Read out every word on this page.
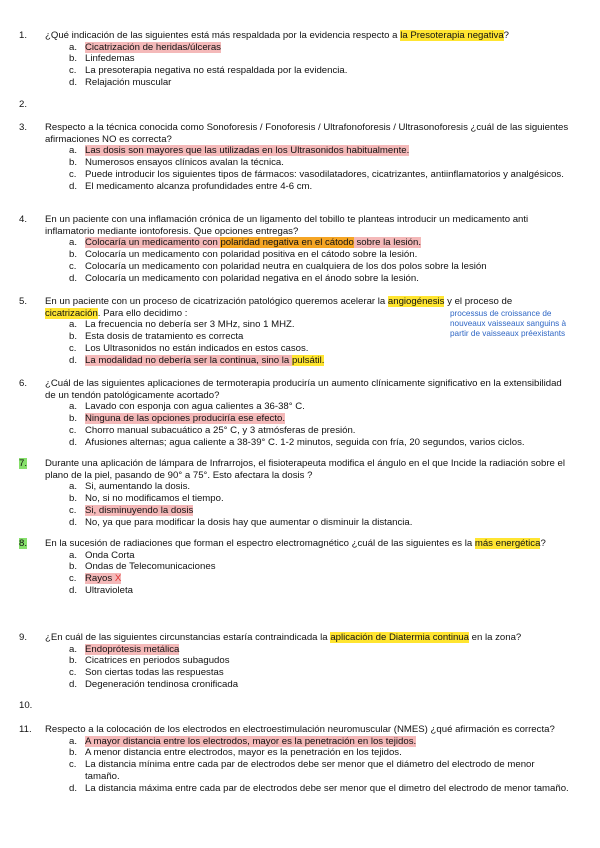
1.	¿Qué indicación de las siguientes está más respaldada por la evidencia respecto a la Presoterapia negativa?
a. Cicatrización de heridas/úlceras
b. Linfedemas
c. La presoterapia negativa no está respaldada por la evidencia.
d. Relajación muscular
2.
3.	Respecto a la técnica conocida como Sonoforesis / Fonoforesis / Ultrafonoforesis / Ultrasonoforesis ¿cuál de las siguientes afirmaciones NO es correcta?
a. Las dosis son mayores que las utilizadas en los Ultrasonidos habitualmente.
b. Numerosos ensayos clínicos avalan la técnica.
c. Puede introducir los siguientes tipos de fármacos: vasodilatadores, cicatrizantes, antiinflamatorios y analgésicos.
d. El medicamento alcanza profundidades entre 4-6 cm.
4.	En un paciente con una inflamación crónica de un ligamento del tobillo te planteas introducir un medicamento anti inflamatorio mediante iontoforesis. Que opciones entregas?
a. Colocaría un medicamento con polaridad negativa en el cátodo sobre la lesión.
b. Colocaría un medicamento con polaridad positiva en el cátodo sobre la lesión.
c. Colocaría un medicamento con polaridad neutra en cualquiera de los dos polos sobre la lesión
d. Colocaría un medicamento con polaridad negativa en el ánodo sobre la lesión.
5.	En un paciente con un proceso de cicatrización patológico queremos acelerar la angiogénesis y el proceso de cicatrización. Para ello decidimo :
a. La frecuencia no debería ser 3 MHz, sino 1 MHZ.
b. Esta dosis de tratamiento es correcta
c. Los Ultrasonidos no están indicados en estos casos.
d. La modalidad no debería ser la continua, sino la pulsátil.
processus de croissance de nouveaux vaisseaux sanguins à partir de vaisseaux préexistants
6.	¿Cuál de las siguientes aplicaciones de termoterapia produciría un aumento clínicamente significativo en la extensibilidad de un tendón patológicamente acortado?
a. Lavado con esponja con agua calientes a 36-38° C.
b. Ninguna de las opciones produciría ese efecto.
c. Chorro manual subacuático a 25° C, y 3 atmósferas de presión.
d. Afusiones alternas; agua caliente a 38-39° C. 1-2 minutos, seguida con fría, 20 segundos, varios ciclos.
7.	Durante una aplicación de lámpara de Infrarrojos, el fisioterapeuta modifica el ángulo en el que Incide la radiación sobre el plano de la piel, pasando de 90° a 75°. Esto afectara la dosis ?
a. Si, aumentando la dosis.
b. No, si no modificamos el tiempo.
c. Si, disminuyendo la dosis
d. No, ya que para modificar la dosis hay que aumentar o disminuir la distancia.
8.	En la sucesión de radiaciones que forman el espectro electromagnético ¿cuál de las siguientes es la más energética?
a. Onda Corta
b. Ondas de Telecomunicaciones
c. Rayos X
d. Ultravioleta
9.	¿En cuál de las siguientes circunstancias estaría contraindicada la aplicación de Diatermia continua en la zona?
a. Endoprótesis metálica
b. Cicatrices en periodos subagudos
c. Son ciertas todas las respuestas
d. Degeneración tendinosa cronificada
10.
11.	Respecto a la colocación de los electrodos en electroestimulación neuromuscular (NMES) ¿qué afirmación es correcta?
a. A mayor distancia entre los electrodos, mayor es la penetración en los tejidos.
b. A menor distancia entre electrodos, mayor es la penetración en los tejidos.
c. La distancia mínima entre cada par de electrodos debe ser menor que el diámetro del electrodo de menor tamaño.
d. La distancia máxima entre cada par de electrodos debe ser menor que el dimetro del electrodo de menor tamaño.
